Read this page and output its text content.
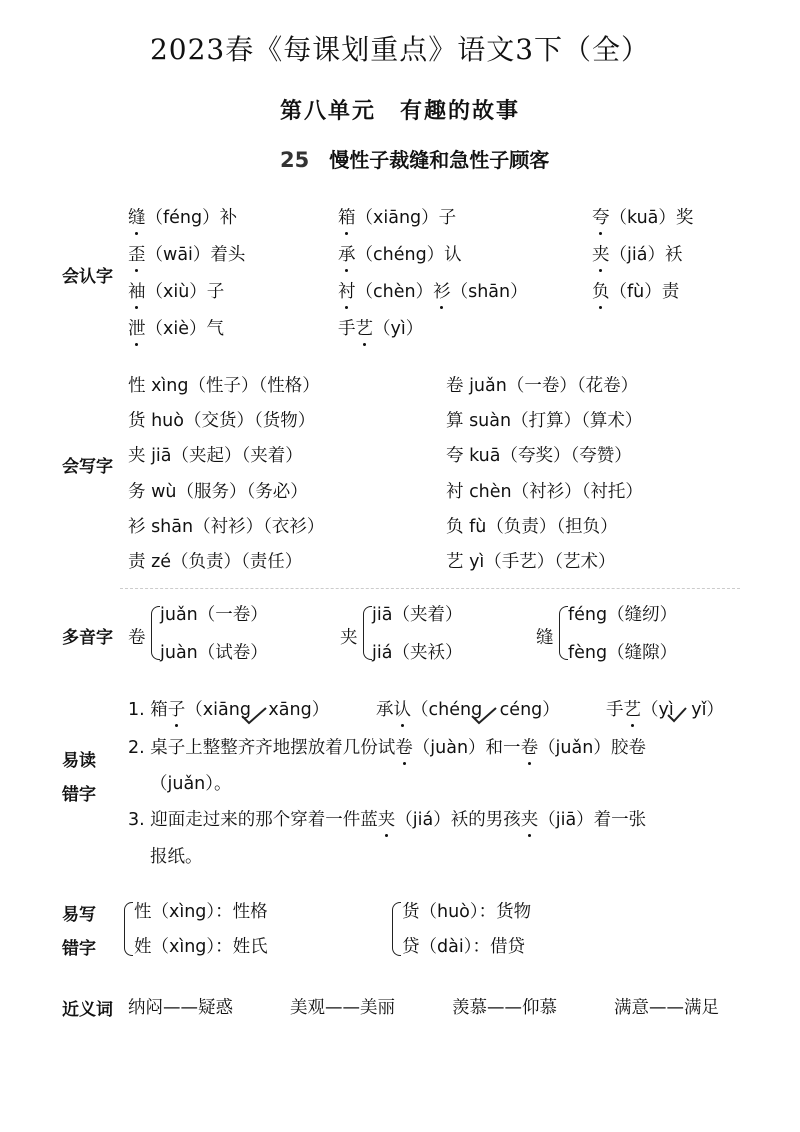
2023春《每课划重点》语文3下（全）
第八单元　有趣的故事
25 慢性子裁缝和急性子顾客
会认字
缝（féng）补	箱（xiāng）子	夸（kuā）奖
歪（wāi）着头	承（chéng）认	夹（jiá）袄
袖（xiù）子	衬（chèn）衫（shān）	负（fù）责
泄（xiè）气	手艺（yì）
会写字
性 xìng（性子）（性格）	卷 juǎn（一卷）（花卷）
货 huò（交货）（货物）	算 suàn（打算）（算术）
夹 jiā（夹起）（夹着）	夸 kuā（夸奖）（夸赞）
务 wù（服务）（务必）	衬 chèn（衬衫）（衬托）
衫 shān（衬衫）（衣衫）	负 fù（负责）（担负）
责 zé（负责）（责任）	艺 yì（手艺）（艺术）
多音字 卷
juǎn（一卷）
juàn（试卷）
夹
jiā（夹着）
jiá（夹袄）
缝
féng（缝纫）
fèng（缝隙）
易读
错字
1. 箱子（xiāng　xāng）	承认（chéng　céng）	手艺（yì　yǐ）
2. 桌子上整整齐齐地摆放着几份试卷（juàn）和一卷（juǎn）胶卷
（juǎn）。
3. 迎面走过来的那个穿着一件蓝夹（jiá）袄的男孩夹（jiā）着一张
报纸。
易写
错字
性（xìng）：性格
姓（xìng）：姓氏
货（huò）：货物
贷（dài）：借贷
近义词 纳闷——疑惑	美观——美丽	羡慕——仰慕	满意——满足
